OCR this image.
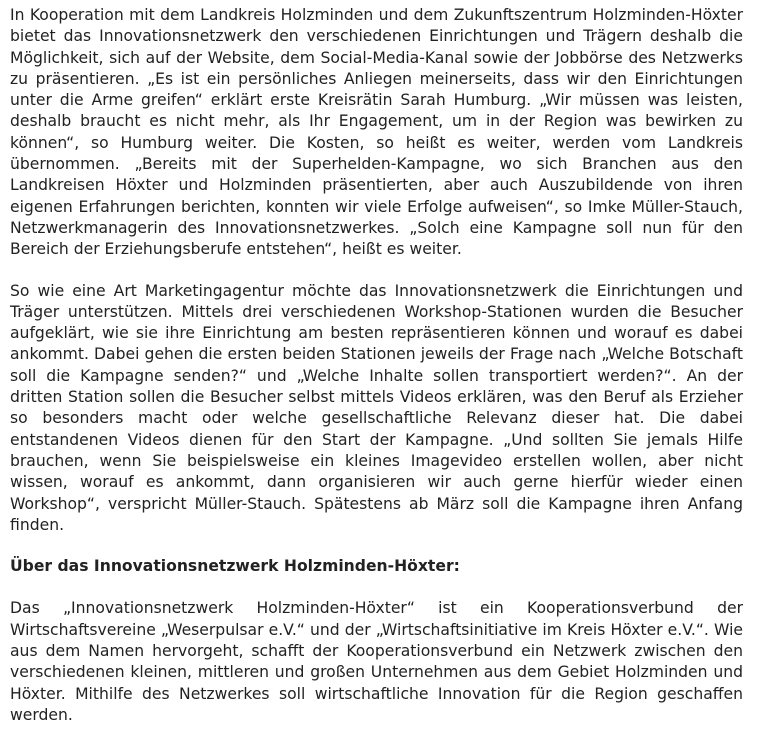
In Kooperation mit dem Landkreis Holzminden und dem Zukunftszentrum Holzminden-Höxter bietet das Innovationsnetzwerk den verschiedenen Einrichtungen und Trägern deshalb die Möglichkeit, sich auf der Website, dem Social-Media-Kanal sowie der Jobbörse des Netzwerks zu präsentieren. „Es ist ein persönliches Anliegen meinerseits, dass wir den Einrichtungen unter die Arme greifen“ erklärt erste Kreisrätin Sarah Humburg. „Wir müssen was leisten, deshalb braucht es nicht mehr, als Ihr Engagement, um in der Region was bewirken zu können“, so Humburg weiter. Die Kosten, so heißt es weiter, werden vom Landkreis übernommen. „Bereits mit der Superhelden-Kampagne, wo sich Branchen aus den Landkreisen Höxter und Holzminden präsentierten, aber auch Auszubildende von ihren eigenen Erfahrungen berichten, konnten wir viele Erfolge aufweisen“, so Imke Müller-Stauch, Netzwerkmanagerin des Innovationsnetzwerkes. „Solch eine Kampagne soll nun für den Bereich der Erziehungsberufe entstehen“, heißt es weiter.

So wie eine Art Marketingagentur möchte das Innovationsnetzwerk die Einrichtungen und Träger unterstützen. Mittels drei verschiedenen Workshop-Stationen wurden die Besucher aufgeklärt, wie sie ihre Einrichtung am besten repräsentieren können und worauf es dabei ankommt. Dabei gehen die ersten beiden Stationen jeweils der Frage nach „Welche Botschaft soll die Kampagne senden?“ und „Welche Inhalte sollen transportiert werden?“. An der dritten Station sollen die Besucher selbst mittels Videos erklären, was den Beruf als Erzieher so besonders macht oder welche gesellschaftliche Relevanz dieser hat. Die dabei entstandenen Videos dienen für den Start der Kampagne. „Und sollten Sie jemals Hilfe brauchen, wenn Sie beispielsweise ein kleines Imagevideo erstellen wollen, aber nicht wissen, worauf es ankommt, dann organisieren wir auch gerne hierfür wieder einen Workshop“, verspricht Müller-Stauch. Spätestens ab März soll die Kampagne ihren Anfang finden.

Über das Innovationsnetzwerk Holzminden-Höxter:

Das „Innovationsnetzwerk Holzminden-Höxter“ ist ein Kooperationsverbund der Wirtschaftsvereine „Weserpulsar e.V.“ und der „Wirtschaftsinitiative im Kreis Höxter e.V.“. Wie aus dem Namen hervorgeht, schafft der Kooperationsverbund ein Netzwerk zwischen den verschiedenen kleinen, mittleren und großen Unternehmen aus dem Gebiet Holzminden und Höxter. Mithilfe des Netzwerkes soll wirtschaftliche Innovation für die Region geschaffen werden.
